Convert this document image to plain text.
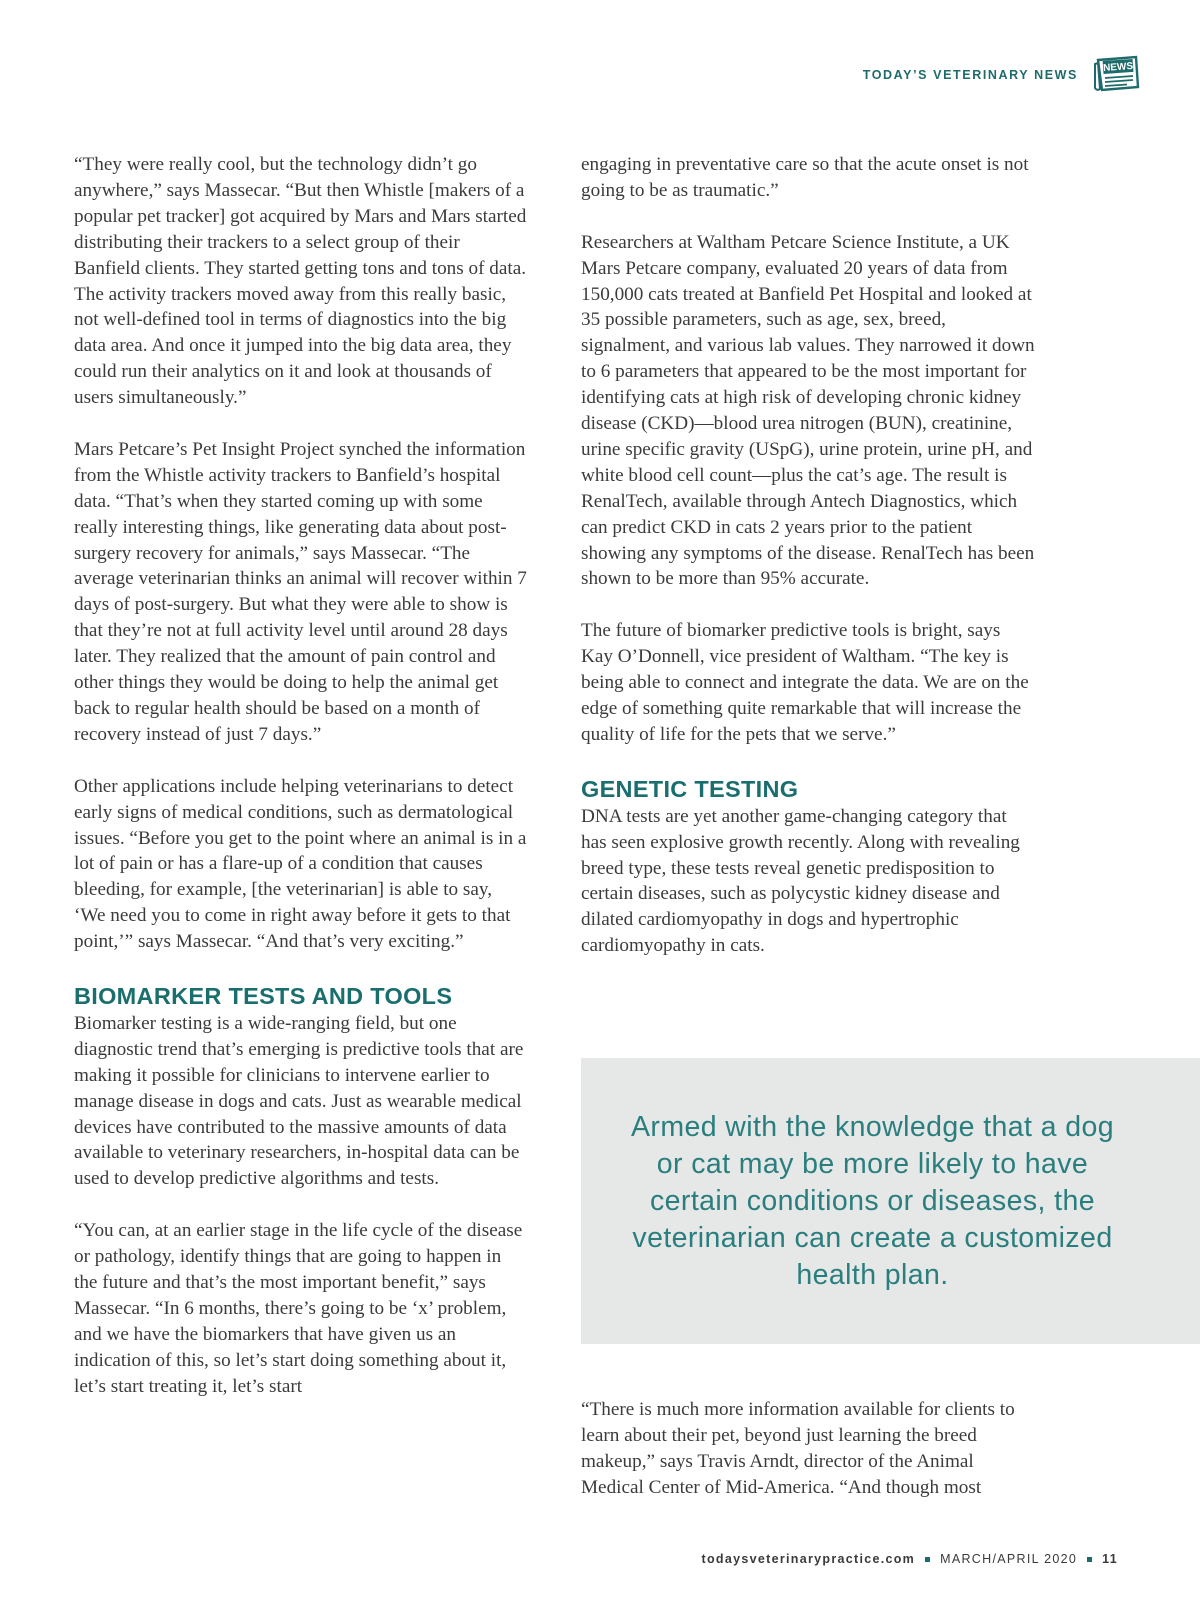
TODAY’S VETERINARY NEWS
NEWS

“They were really cool, but the technology didn’t go anywhere,” says Massecar. “But then Whistle [makers of a popular pet tracker] got acquired by Mars and Mars started distributing their trackers to a select group of their Banfield clients. They started getting tons and tons of data. The activity trackers moved away from this really basic, not well-defined tool in terms of diagnostics into the big data area. And once it jumped into the big data area, they could run their analytics on it and look at thousands of users simultaneously.”

Mars Petcare’s Pet Insight Project synched the information from the Whistle activity trackers to Banfield’s hospital data. “That’s when they started coming up with some really interesting things, like generating data about post-surgery recovery for animals,” says Massecar. “The average veterinarian thinks an animal will recover within 7 days of post-surgery. But what they were able to show is that they’re not at full activity level until around 28 days later. They realized that the amount of pain control and other things they would be doing to help the animal get back to regular health should be based on a month of recovery instead of just 7 days.”

Other applications include helping veterinarians to detect early signs of medical conditions, such as dermatological issues. “Before you get to the point where an animal is in a lot of pain or has a flare-up of a condition that causes bleeding, for example, [the veterinarian] is able to say, ‘We need you to come in right away before it gets to that point,’” says Massecar. “And that’s very exciting.”

BIOMARKER TESTS AND TOOLS

Biomarker testing is a wide-ranging field, but one diagnostic trend that’s emerging is predictive tools that are making it possible for clinicians to intervene earlier to manage disease in dogs and cats. Just as wearable medical devices have contributed to the massive amounts of data available to veterinary researchers, in-hospital data can be used to develop predictive algorithms and tests.

“You can, at an earlier stage in the life cycle of the disease or pathology, identify things that are going to happen in the future and that’s the most important benefit,” says Massecar. “In 6 months, there’s going to be ‘x’ problem, and we have the biomarkers that have given us an indication of this, so let’s start doing something about it, let’s start treating it, let’s start

engaging in preventative care so that the acute onset is not going to be as traumatic.”

Researchers at Waltham Petcare Science Institute, a UK Mars Petcare company, evaluated 20 years of data from 150,000 cats treated at Banfield Pet Hospital and looked at 35 possible parameters, such as age, sex, breed, signalment, and various lab values. They narrowed it down to 6 parameters that appeared to be the most important for identifying cats at high risk of developing chronic kidney disease (CKD)—blood urea nitrogen (BUN), creatinine, urine specific gravity (USpG), urine protein, urine pH, and white blood cell count—plus the cat’s age. The result is RenalTech, available through Antech Diagnostics, which can predict CKD in cats 2 years prior to the patient showing any symptoms of the disease. RenalTech has been shown to be more than 95% accurate.

The future of biomarker predictive tools is bright, says Kay O’Donnell, vice president of Waltham. “The key is being able to connect and integrate the data. We are on the edge of something quite remarkable that will increase the quality of life for the pets that we serve.”

GENETIC TESTING

DNA tests are yet another game-changing category that has seen explosive growth recently. Along with revealing breed type, these tests reveal genetic predisposition to certain diseases, such as polycystic kidney disease and dilated cardiomyopathy in dogs and hypertrophic cardiomyopathy in cats.

Armed with the knowledge that a dog or cat may be more likely to have certain conditions or diseases, the veterinarian can create a customized health plan.

“There is much more information available for clients to learn about their pet, beyond just learning the breed makeup,” says Travis Arndt, director of the Animal Medical Center of Mid-America. “And though most

todaysveterinarypractice.com MARCH/APRIL 2020 11
